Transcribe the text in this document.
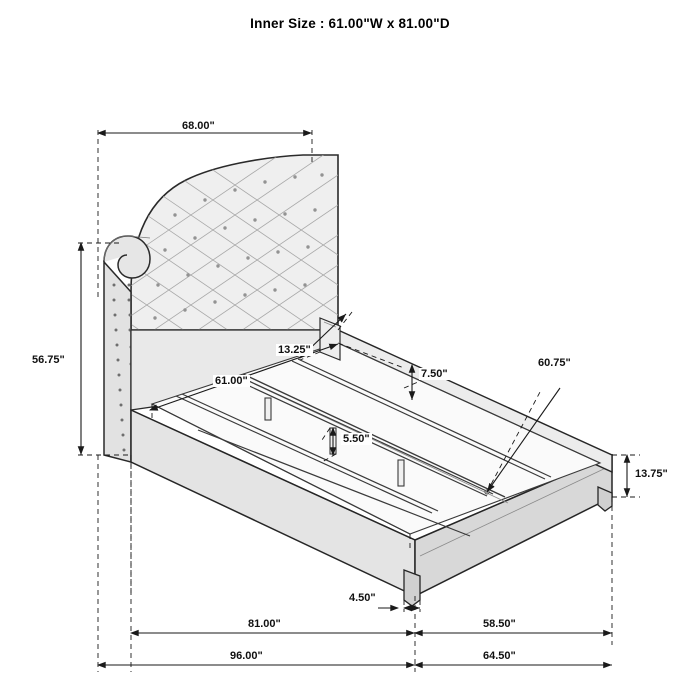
Inner Size : 61.00"W x 81.00"D
68.00"
56.75"
13.25"
61.00"
7.50"
5.50"
60.75"
13.75"
4.50"
81.00"	58.50"
96.00"	64.50"
